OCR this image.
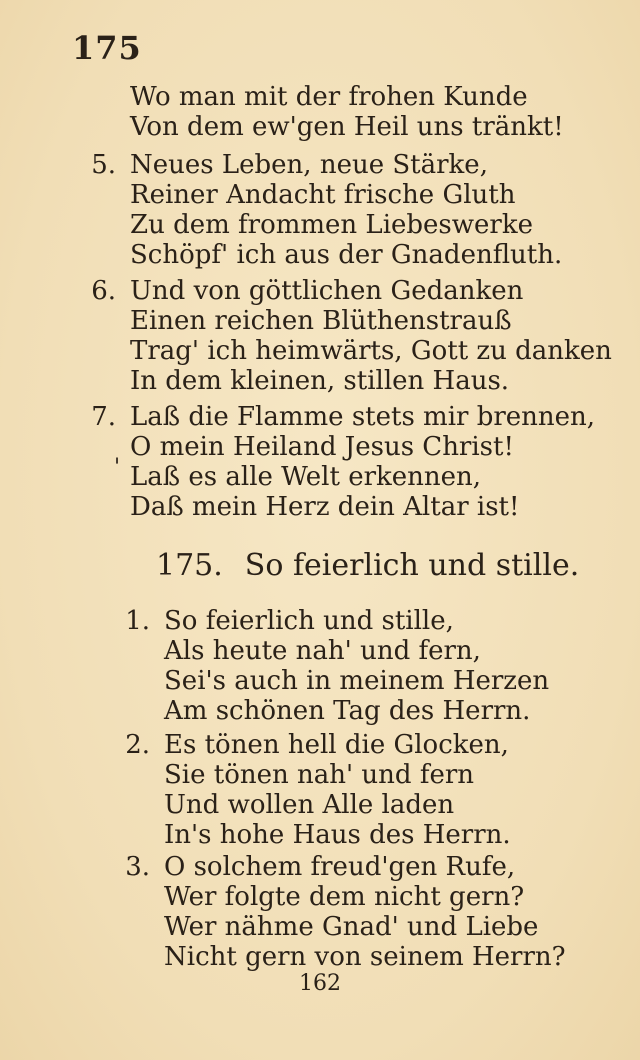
175
Wo man mit der frohen Kunde
Von dem ew'gen Heil uns tränkt!
5. Neues Leben, neue Stärke,
Reiner Andacht frische Gluth
Zu dem frommen Liebeswerke
Schöpf' ich aus der Gnadenfluth.
6. Und von göttlichen Gedanken
Einen reichen Blüthenstrauß
Trag' ich heimwärts, Gott zu danken
In dem kleinen, stillen Haus.
7. Laß die Flamme stets mir brennen,
O mein Heiland Jesus Christ!
' Laß es alle Welt erkennen,
Daß mein Herz dein Altar ist!
175. So feierlich und stille.
1. So feierlich und stille,
Als heute nah' und fern,
Sei's auch in meinem Herzen
Am schönen Tag des Herrn.
2. Es tönen hell die Glocken,
Sie tönen nah' und fern
Und wollen Alle laden
In's hohe Haus des Herrn.
3. O solchem freud'gen Rufe,
Wer folgte dem nicht gern?
Wer nähme Gnad' und Liebe
Nicht gern von seinem Herrn?
162
